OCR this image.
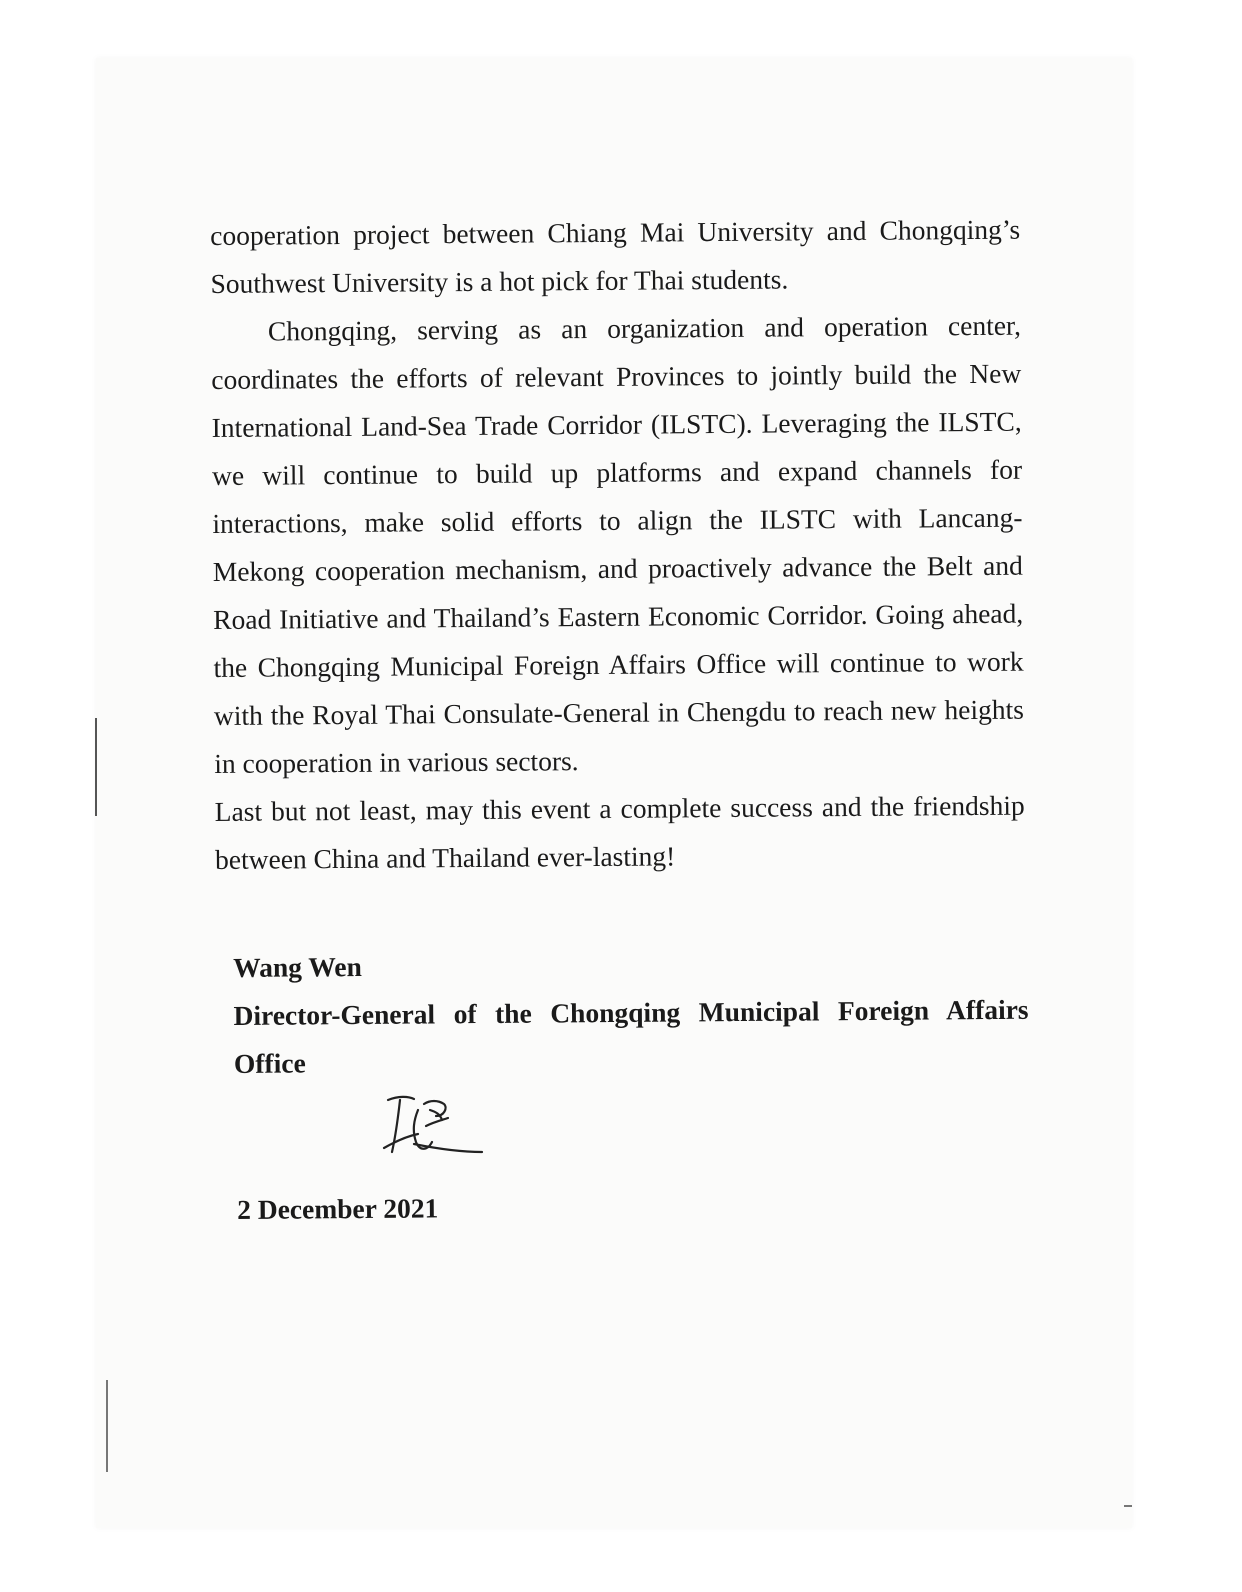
cooperation project between Chiang Mai University and Chongqing’s Southwest University is a hot pick for Thai students.

Chongqing, serving as an organization and operation center, coordinates the efforts of relevant Provinces to jointly build the New International Land-Sea Trade Corridor (ILSTC). Leveraging the ILSTC, we will continue to build up platforms and expand channels for interactions, make solid efforts to align the ILSTC with Lancang-Mekong cooperation mechanism, and proactively advance the Belt and Road Initiative and Thailand’s Eastern Economic Corridor. Going ahead, the Chongqing Municipal Foreign Affairs Office will continue to work with the Royal Thai Consulate-General in Chengdu to reach new heights in cooperation in various sectors.

Last but not least, may this event a complete success and the friendship between China and Thailand ever-lasting!

Wang Wen
Director-General of the Chongqing Municipal Foreign Affairs Office
2 December 2021
